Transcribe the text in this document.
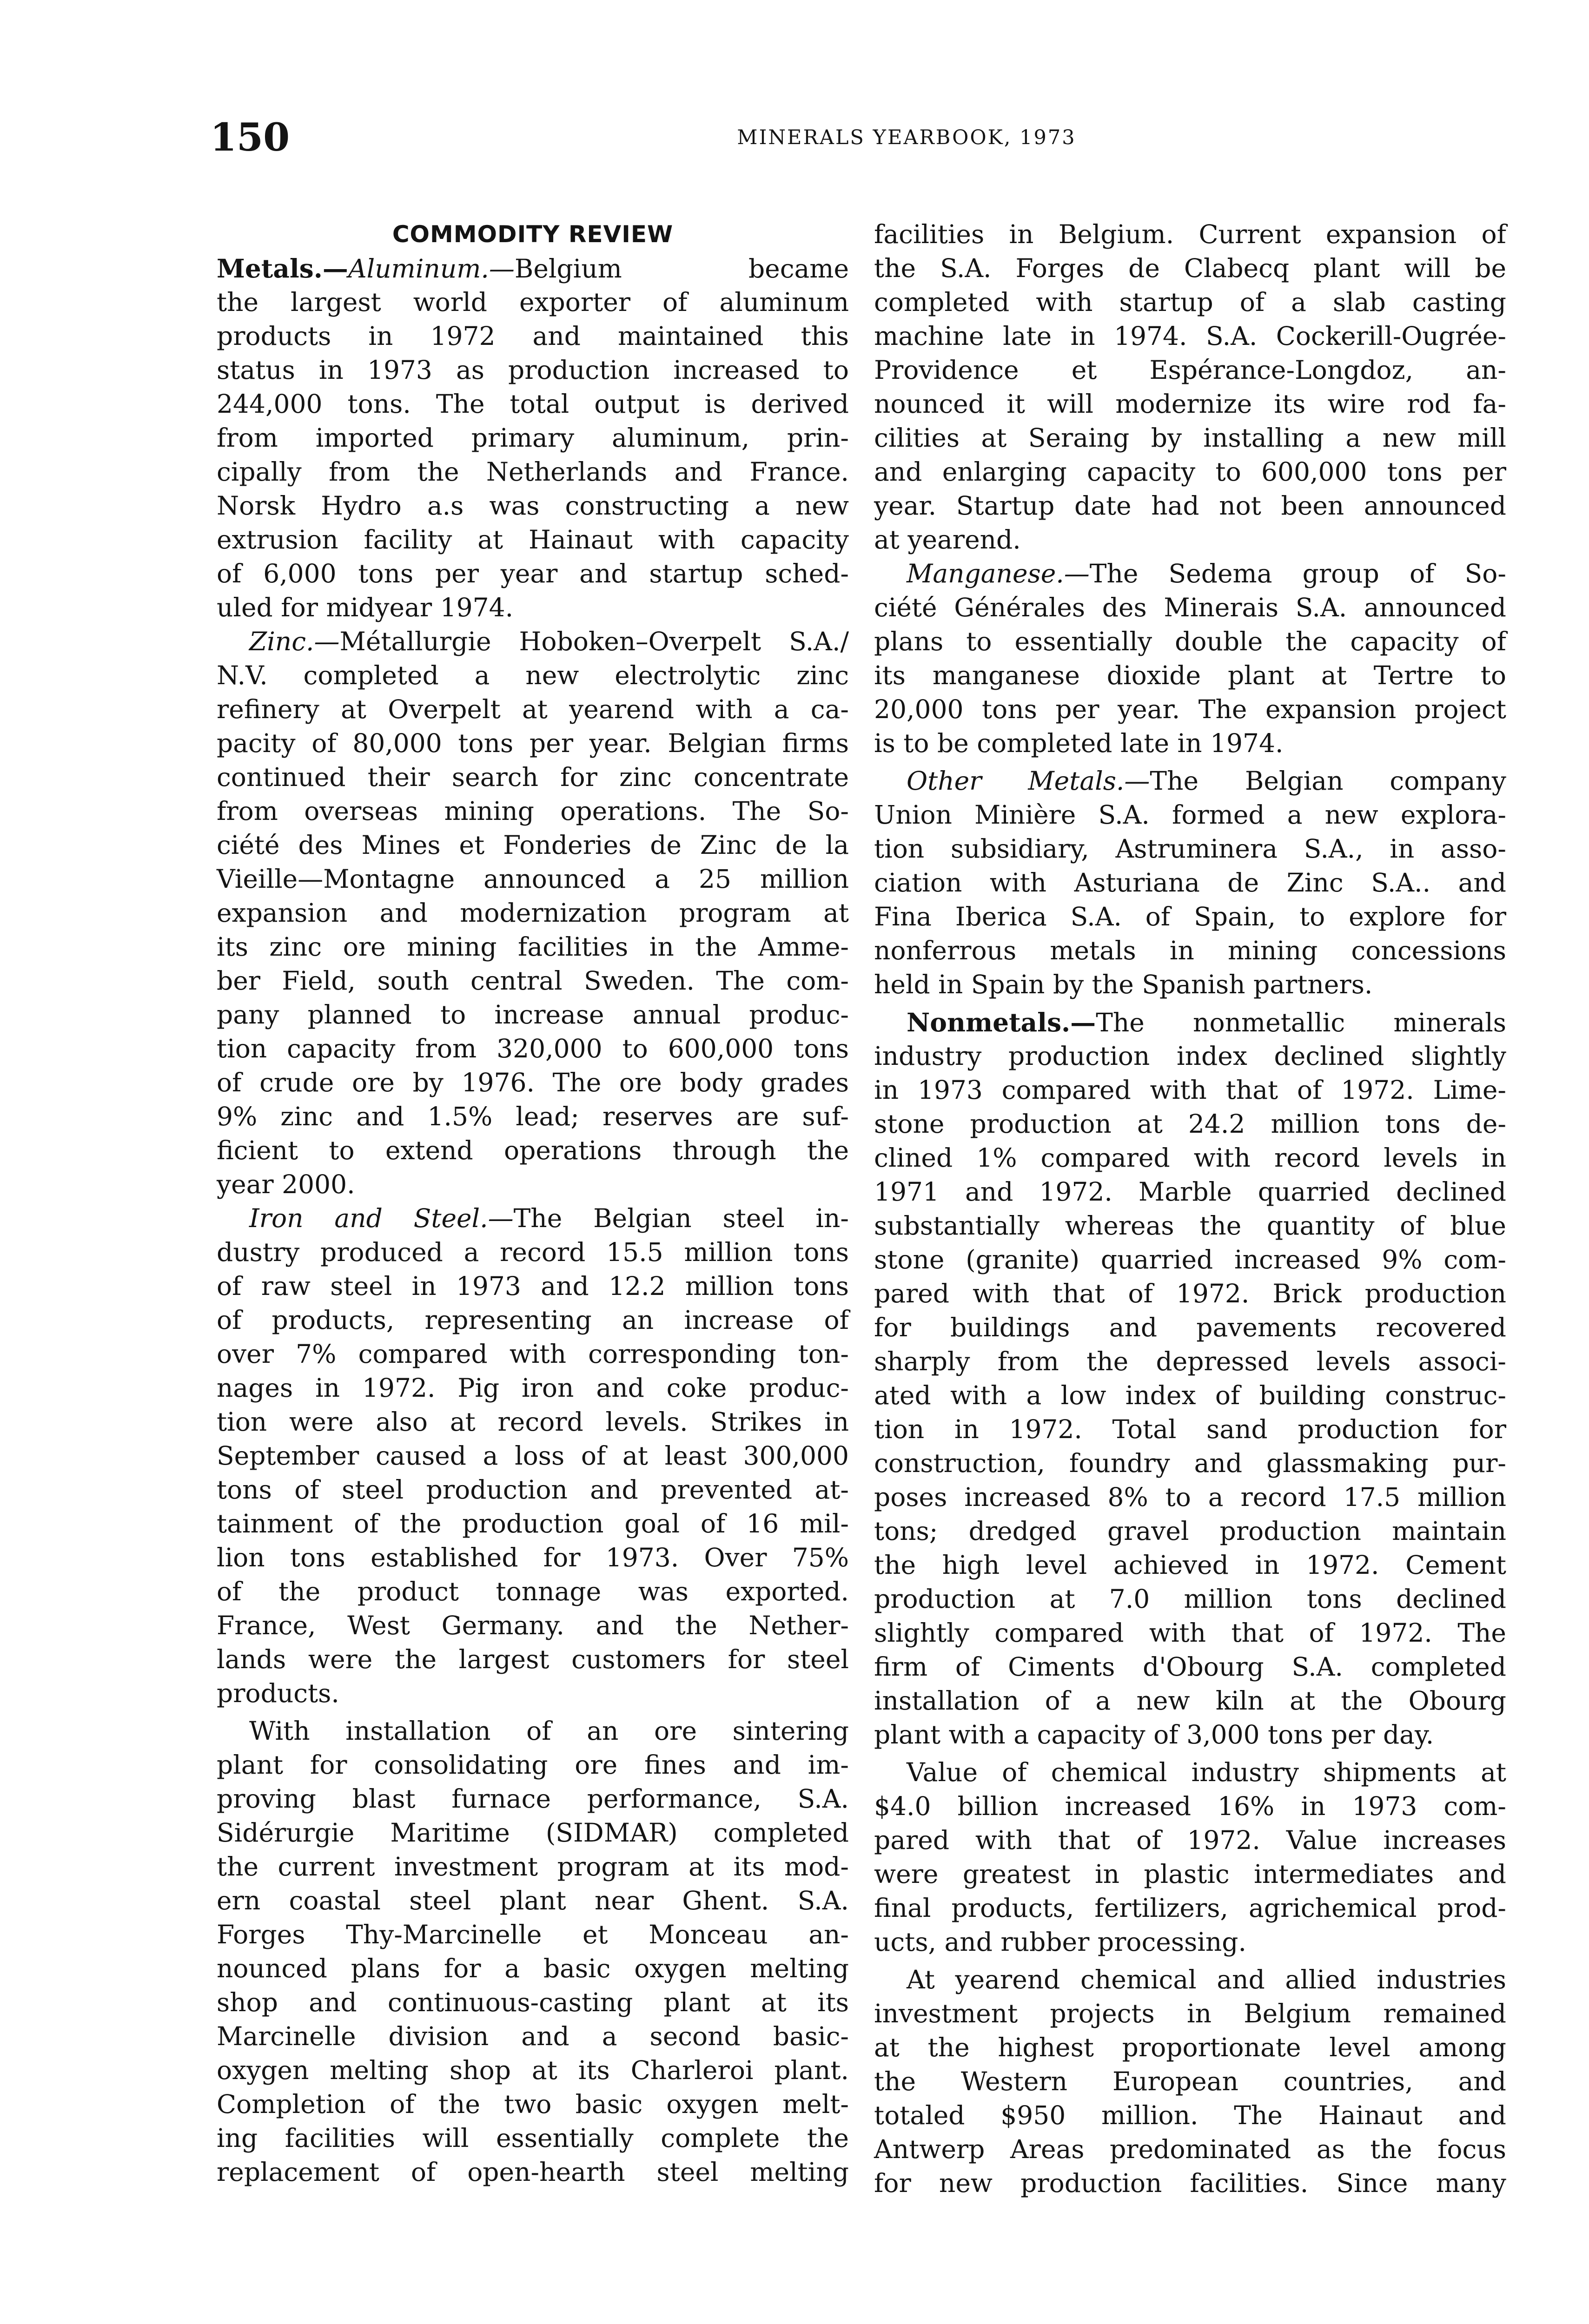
150	MINERALS YEARBOOK, 1973
COMMODITY REVIEW
Metals.—Aluminum.—Belgium became
the largest world exporter of aluminum
products in 1972 and maintained this
status in 1973 as production increased to
244,000 tons. The total output is derived
from imported primary aluminum, prin-
cipally from the Netherlands and France.
Norsk Hydro a.s was constructing a new
extrusion facility at Hainaut with capacity
of 6,000 tons per year and startup sched-
uled for midyear 1974.
Zinc.—Métallurgie Hoboken–Overpelt S.A./
N.V. completed a new electrolytic zinc
refinery at Overpelt at yearend with a ca-
pacity of 80,000 tons per year. Belgian firms
continued their search for zinc concentrate
from overseas mining operations. The So-
ciété des Mines et Fonderies de Zinc de la
Vieille—Montagne announced a 25 million
expansion and modernization program at
its zinc ore mining facilities in the Amme-
ber Field, south central Sweden. The com-
pany planned to increase annual produc-
tion capacity from 320,000 to 600,000 tons
of crude ore by 1976. The ore body grades
9% zinc and 1.5% lead; reserves are suf-
ficient to extend operations through the
year 2000.
Iron and Steel.—The Belgian steel in-
dustry produced a record 15.5 million tons
of raw steel in 1973 and 12.2 million tons
of products, representing an increase of
over 7% compared with corresponding ton-
nages in 1972. Pig iron and coke produc-
tion were also at record levels. Strikes in
September caused a loss of at least 300,000
tons of steel production and prevented at-
tainment of the production goal of 16 mil-
lion tons established for 1973. Over 75%
of the product tonnage was exported.
France, West Germany. and the Nether-
lands were the largest customers for steel
products.
With installation of an ore sintering
plant for consolidating ore fines and im-
proving blast furnace performance, S.A.
Sidérurgie Maritime (SIDMAR) completed
the current investment program at its mod-
ern coastal steel plant near Ghent. S.A.
Forges Thy-Marcinelle et Monceau an-
nounced plans for a basic oxygen melting
shop and continuous-casting plant at its
Marcinelle division and a second basic-
oxygen melting shop at its Charleroi plant.
Completion of the two basic oxygen melt-
ing facilities will essentially complete the
replacement of open-hearth steel melting
facilities in Belgium. Current expansion of
the S.A. Forges de Clabecq plant will be
completed with startup of a slab casting
machine late in 1974. S.A. Cockerill-Ougrée-
Providence et Espérance-Longdoz, an-
nounced it will modernize its wire rod fa-
cilities at Seraing by installing a new mill
and enlarging capacity to 600,000 tons per
year. Startup date had not been announced
at yearend.
Manganese.—The Sedema group of So-
ciété Générales des Minerais S.A. announced
plans to essentially double the capacity of
its manganese dioxide plant at Tertre to
20,000 tons per year. The expansion project
is to be completed late in 1974.
Other Metals.—The Belgian company
Union Minière S.A. formed a new explora-
tion subsidiary, Astruminera S.A., in asso-
ciation with Asturiana de Zinc S.A.. and
Fina Iberica S.A. of Spain, to explore for
nonferrous metals in mining concessions
held in Spain by the Spanish partners.
Nonmetals.—The nonmetallic minerals
industry production index declined slightly
in 1973 compared with that of 1972. Lime-
stone production at 24.2 million tons de-
clined 1% compared with record levels in
1971 and 1972. Marble quarried declined
substantially whereas the quantity of blue
stone (granite) quarried increased 9% com-
pared with that of 1972. Brick production
for buildings and pavements recovered
sharply from the depressed levels associ-
ated with a low index of building construc-
tion in 1972. Total sand production for
construction, foundry and glassmaking pur-
poses increased 8% to a record 17.5 million
tons; dredged gravel production maintain
the high level achieved in 1972. Cement
production at 7.0 million tons declined
slightly compared with that of 1972. The
firm of Ciments d'Obourg S.A. completed
installation of a new kiln at the Obourg
plant with a capacity of 3,000 tons per day.
Value of chemical industry shipments at
$4.0 billion increased 16% in 1973 com-
pared with that of 1972. Value increases
were greatest in plastic intermediates and
final products, fertilizers, agrichemical prod-
ucts, and rubber processing.
At yearend chemical and allied industries
investment projects in Belgium remained
at the highest proportionate level among
the Western European countries, and
totaled $950 million. The Hainaut and
Antwerp Areas predominated as the focus
for new production facilities. Since many
